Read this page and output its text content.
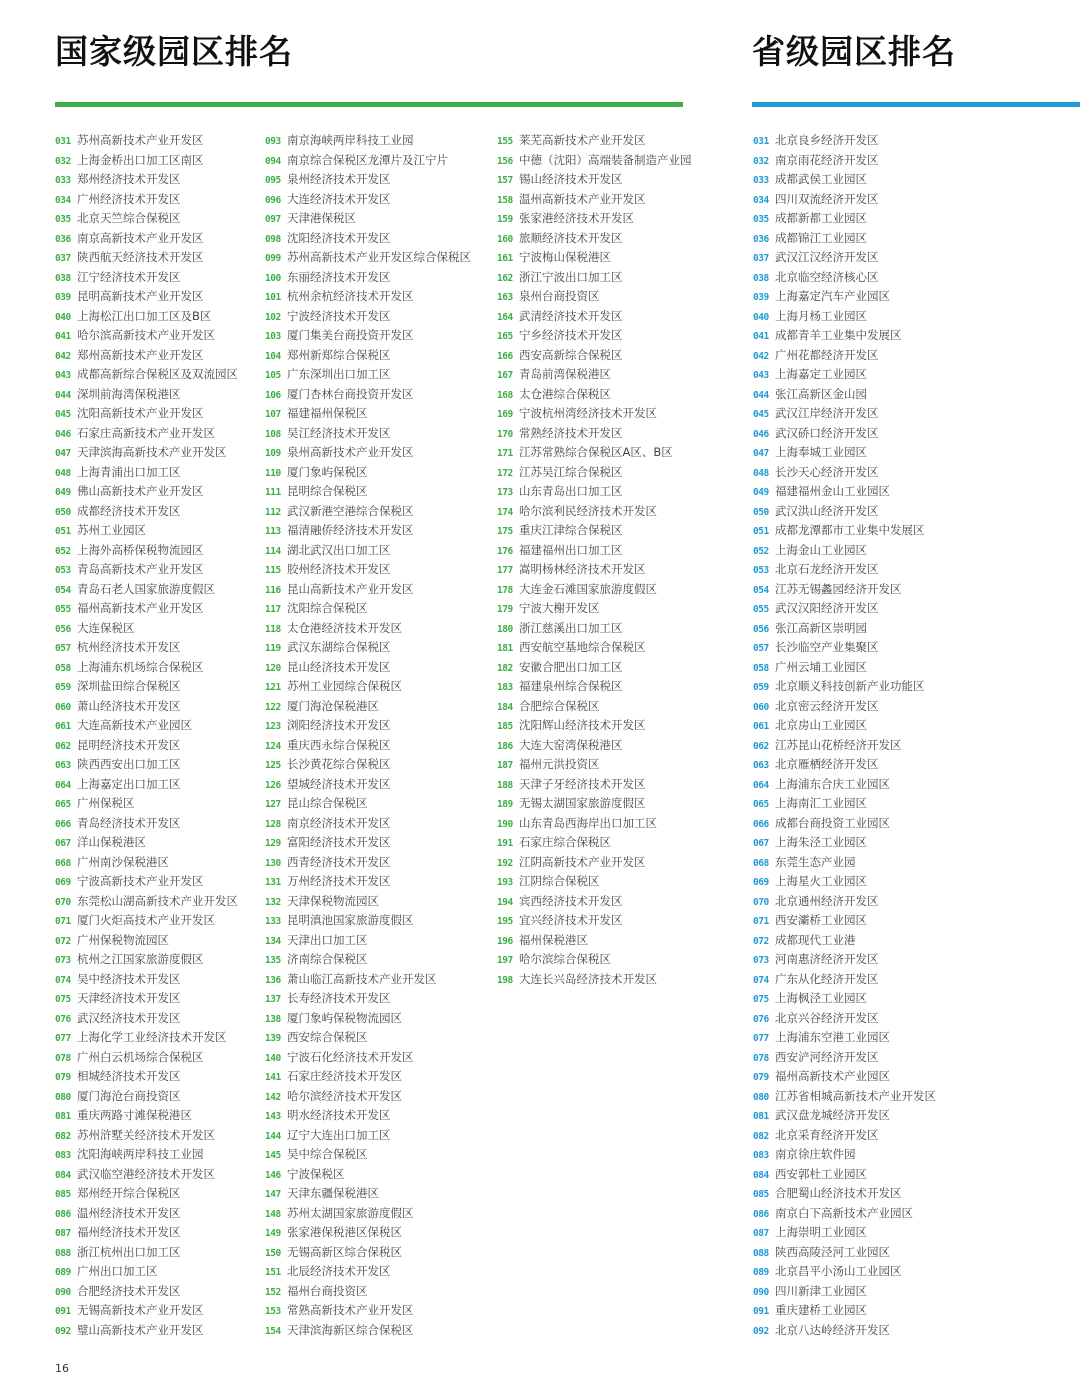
国家级园区排名	省级园区排名
031 苏州高新技术产业开发区
032 上海金桥出口加工区南区
033 郑州经济技术开发区
034 广州经济技术开发区
035 北京天竺综合保税区
036 南京高新技术产业开发区
037 陕西航天经济技术开发区
038 江宁经济技术开发区
039 昆明高新技术产业开发区
040 上海松江出口加工区及B区
041 哈尔滨高新技术产业开发区
042 郑州高新技术产业开发区
043 成都高新综合保税区及双流园区
044 深圳前海湾保税港区
045 沈阳高新技术产业开发区
046 石家庄高新技术产业开发区
047 天津滨海高新技术产业开发区
048 上海青浦出口加工区
049 佛山高新技术产业开发区
050 成都经济技术开发区
051 苏州工业园区
052 上海外高桥保税物流园区
053 青岛高新技术产业开发区
054 青岛石老人国家旅游度假区
055 福州高新技术产业开发区
056 大连保税区
057 杭州经济技术开发区
058 上海浦东机场综合保税区
059 深圳盐田综合保税区
060 萧山经济技术开发区
061 大连高新技术产业园区
062 昆明经济技术开发区
063 陕西西安出口加工区
064 上海嘉定出口加工区
065 广州保税区
066 青岛经济技术开发区
067 洋山保税港区
068 广州南沙保税港区
069 宁波高新技术产业开发区
070 东莞松山湖高新技术产业开发区
071 厦门火炬高技术产业开发区
072 广州保税物流园区
073 杭州之江国家旅游度假区
074 吴中经济技术开发区
075 天津经济技术开发区
076 武汉经济技术开发区
077 上海化学工业经济技术开发区
078 广州白云机场综合保税区
079 相城经济技术开发区
080 厦门海沧台商投资区
081 重庆两路寸滩保税港区
082 苏州浒墅关经济技术开发区
083 沈阳海峡两岸科技工业园
084 武汉临空港经济技术开发区
085 郑州经开综合保税区
086 温州经济技术开发区
087 福州经济技术开发区
088 浙江杭州出口加工区
089 广州出口加工区
090 合肥经济技术开发区
091 无锡高新技术产业开发区
092 璧山高新技术产业开发区
093 南京海峡两岸科技工业园
094 南京综合保税区龙潭片及江宁片
095 泉州经济技术开发区
096 大连经济技术开发区
097 天津港保税区
098 沈阳经济技术开发区
099 苏州高新技术产业开发区综合保税区
100 东丽经济技术开发区
101 杭州余杭经济技术开发区
102 宁波经济技术开发区
103 厦门集美台商投资开发区
104 郑州新郑综合保税区
105 广东深圳出口加工区
106 厦门杏林台商投资开发区
107 福建福州保税区
108 吴江经济技术开发区
109 泉州高新技术产业开发区
110 厦门象屿保税区
111 昆明综合保税区
112 武汉新港空港综合保税区
113 福清融侨经济技术开发区
114 湖北武汉出口加工区
115 胶州经济技术开发区
116 昆山高新技术产业开发区
117 沈阳综合保税区
118 太仓港经济技术开发区
119 武汉东湖综合保税区
120 昆山经济技术开发区
121 苏州工业园综合保税区
122 厦门海沧保税港区
123 浏阳经济技术开发区
124 重庆西永综合保税区
125 长沙黄花综合保税区
126 望城经济技术开发区
127 昆山综合保税区
128 南京经济技术开发区
129 富阳经济技术开发区
130 西青经济技术开发区
131 万州经济技术开发区
132 天津保税物流园区
133 昆明滇池国家旅游度假区
134 天津出口加工区
135 济南综合保税区
136 萧山临江高新技术产业开发区
137 长寿经济技术开发区
138 厦门象屿保税物流园区
139 西安综合保税区
140 宁波石化经济技术开发区
141 石家庄经济技术开发区
142 哈尔滨经济技术开发区
143 明水经济技术开发区
144 辽宁大连出口加工区
145 吴中综合保税区
146 宁波保税区
147 天津东疆保税港区
148 苏州太湖国家旅游度假区
149 张家港保税港区保税区
150 无锡高新区综合保税区
151 北辰经济技术开发区
152 福州台商投资区
153 常熟高新技术产业开发区
154 天津滨海新区综合保税区
155 莱芜高新技术产业开发区
156 中德（沈阳）高端装备制造产业园
157 锡山经济技术开发区
158 温州高新技术产业开发区
159 张家港经济技术开发区
160 旅顺经济技术开发区
161 宁波梅山保税港区
162 浙江宁波出口加工区
163 泉州台商投资区
164 武清经济技术开发区
165 宁乡经济技术开发区
166 西安高新综合保税区
167 青岛前湾保税港区
168 太仓港综合保税区
169 宁波杭州湾经济技术开发区
170 常熟经济技术开发区
171 江苏常熟综合保税区A区、B区
172 江苏吴江综合保税区
173 山东青岛出口加工区
174 哈尔滨利民经济技术开发区
175 重庆江津综合保税区
176 福建福州出口加工区
177 嵩明杨林经济技术开发区
178 大连金石滩国家旅游度假区
179 宁波大榭开发区
180 浙江慈溪出口加工区
181 西安航空基地综合保税区
182 安徽合肥出口加工区
183 福建泉州综合保税区
184 合肥综合保税区
185 沈阳辉山经济技术开发区
186 大连大窑湾保税港区
187 福州元洪投资区
188 天津子牙经济技术开发区
189 无锡太湖国家旅游度假区
190 山东青岛西海岸出口加工区
191 石家庄综合保税区
192 江阴高新技术产业开发区
193 江阴综合保税区
194 宾西经济技术开发区
195 宜兴经济技术开发区
196 福州保税港区
197 哈尔滨综合保税区
198 大连长兴岛经济技术开发区
031 北京良乡经济开发区
032 南京雨花经济开发区
033 成都武侯工业园区
034 四川双流经济开发区
035 成都新都工业园区
036 成都锦江工业园区
037 武汉江汉经济开发区
038 北京临空经济核心区
039 上海嘉定汽车产业园区
040 上海月杨工业园区
041 成都青羊工业集中发展区
042 广州花都经济开发区
043 上海嘉定工业园区
044 张江高新区金山园
045 武汉江岸经济开发区
046 武汉硚口经济开发区
047 上海奉城工业园区
048 长沙天心经济开发区
049 福建福州金山工业园区
050 武汉洪山经济开发区
051 成都龙潭都市工业集中发展区
052 上海金山工业园区
053 北京石龙经济开发区
054 江苏无锡蠡园经济开发区
055 武汉汉阳经济开发区
056 张江高新区崇明园
057 长沙临空产业集聚区
058 广州云埔工业园区
059 北京顺义科技创新产业功能区
060 北京密云经济开发区
061 北京房山工业园区
062 江苏昆山花桥经济开发区
063 北京雁栖经济开发区
064 上海浦东合庆工业园区
065 上海南汇工业园区
066 成都台商投资工业园区
067 上海朱泾工业园区
068 东莞生态产业园
069 上海星火工业园区
070 北京通州经济开发区
071 西安灞桥工业园区
072 成都现代工业港
073 河南惠济经济开发区
074 广东从化经济开发区
075 上海枫泾工业园区
076 北京兴谷经济开发区
077 上海浦东空港工业园区
078 西安浐河经济开发区
079 福州高新技术产业园区
080 江苏省相城高新技术产业开发区
081 武汉盘龙城经济开发区
082 北京采育经济开发区
083 南京徐庄软件园
084 西安郭杜工业园区
085 合肥蜀山经济技术开发区
086 南京白下高新技术产业园区
087 上海崇明工业园区
088 陕西高陵泾河工业园区
089 北京昌平小汤山工业园区
090 四川新津工业园区
091 重庆建桥工业园区
092 北京八达岭经济开发区
16
